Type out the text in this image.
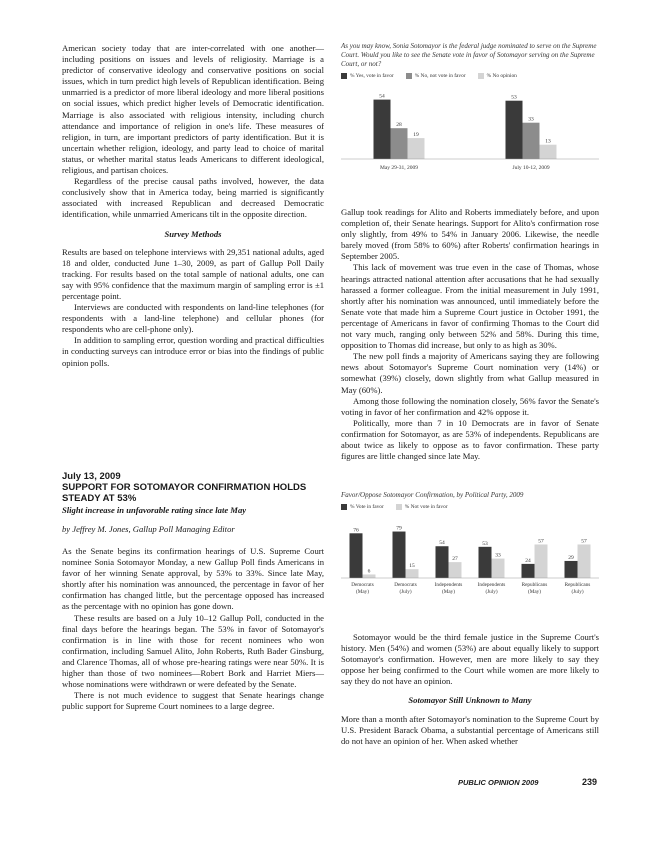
American society today that are inter-correlated with one another—including positions on issues and levels of religiosity. Marriage is a predictor of conservative ideology and conservative positions on social issues, which in turn predict high levels of Republican identification. Being unmarried is a predictor of more liberal ideology and more liberal positions on social issues, which predict higher levels of Democratic identification. Marriage is also associated with religious intensity, including church attendance and importance of religion in one's life. These measures of religion, in turn, are important predictors of party identification. But it is uncertain whether religion, ideology, and party lead to choice of marital status, or whether marital status leads Americans to different ideological, religious, and partisan choices.

Regardless of the precise causal paths involved, however, the data conclusively show that in America today, being married is significantly associated with increased Republican and decreased Democratic identification, while unmarried Americans tilt in the opposite direction.

Survey Methods

Results are based on telephone interviews with 29,351 national adults, aged 18 and older, conducted June 1–30, 2009, as part of Gallup Poll Daily tracking. For results based on the total sample of national adults, one can say with 95% confidence that the maximum margin of sampling error is ±1 percentage point.

Interviews are conducted with respondents on land-line telephones (for respondents with a land-line telephone) and cellular phones (for respondents who are cell-phone only).

In addition to sampling error, question wording and practical difficulties in conducting surveys can introduce error or bias into the findings of public opinion polls.

July 13, 2009
SUPPORT FOR SOTOMAYOR CONFIRMATION HOLDS
STEADY AT 53%
Slight increase in unfavorable rating since late May
by Jeffrey M. Jones, Gallup Poll Managing Editor

As the Senate begins its confirmation hearings of U.S. Supreme Court nominee Sonia Sotomayor Monday, a new Gallup Poll finds Americans in favor of her winning Senate approval, by 53% to 33%. Since late May, shortly after his nomination was announced, the percentage in favor of her confirmation has changed little, but the percentage opposed has increased as the percentage with no opinion has gone down.

These results are based on a July 10–12 Gallup Poll, conducted in the final days before the hearings began. The 53% in favor of Sotomayor's confirmation is in line with those for recent nominees who won confirmation, including Samuel Alito, John Roberts, Ruth Bader Ginsburg, and Clarence Thomas, all of whose pre-hearing ratings were near 50%. It is higher than those of two nominees—Robert Bork and Harriet Miers—whose nominations were withdrawn or were defeated by the Senate.

There is not much evidence to suggest that Senate hearings change public support for Supreme Court nominees to a large degree.

As you may know, Sonia Sotomayor is the federal judge nominated to serve on the Supreme Court. Would you like to see the Senate vote in favor of Sotomayor serving on the Supreme Court, or not?
% Yes, vote in favor	% No, not vote in favor	% No opinion
54
28
19
May 29-31, 2009
53
33
13
July 10-12, 2009

Gallup took readings for Alito and Roberts immediately before, and upon completion of, their Senate hearings. Support for Alito's confirmation rose only slightly, from 49% to 54% in January 2006. Likewise, the needle barely moved (from 58% to 60%) after Roberts' confirmation hearings in September 2005.

This lack of movement was true even in the case of Thomas, whose hearings attracted national attention after accusations that he had sexually harassed a former colleague. From the initial measurement in July 1991, shortly after his nomination was announced, until immediately before the Senate vote that made him a Supreme Court justice in October 1991, the percentage of Americans in favor of confirming Thomas to the Court did not vary much, ranging only between 52% and 58%. During this time, opposition to Thomas did increase, but only to as high as 30%.

The new poll finds a majority of Americans saying they are following news about Sotomayor's Supreme Court nomination very (14%) or somewhat (39%) closely, down slightly from what Gallup measured in May (60%).

Among those following the nomination closely, 56% favor the Senate's voting in favor of her confirmation and 42% oppose it.

Politically, more than 7 in 10 Democrats are in favor of Senate confirmation for Sotomayor, as are 53% of independents. Republicans are about twice as likely to oppose as to favor confirmation. These party figures are little changed since late May.

Favor/Oppose Sotomayor Confirmation, by Political Party, 2009
% Vote in favor	% Not vote in favor
76
6
Democrats
(May)
79
15
Democrats
(July)
54
27
Independents
(May)
53
33
Independents
(July)
24
57
Republicans
(May)
29
57
Republicans
(July)

Sotomayor would be the third female justice in the Supreme Court's history. Men (54%) and women (53%) are about equally likely to support Sotomayor's confirmation. However, men are more likely to say they oppose her being confirmed to the Court while women are more likely to say they do not have an opinion.

Sotomayor Still Unknown to Many

More than a month after Sotomayor's nomination to the Supreme Court by U.S. President Barack Obama, a substantial percentage of Americans still do not have an opinion of her. When asked whether

PUBLIC OPINION 2009	239
